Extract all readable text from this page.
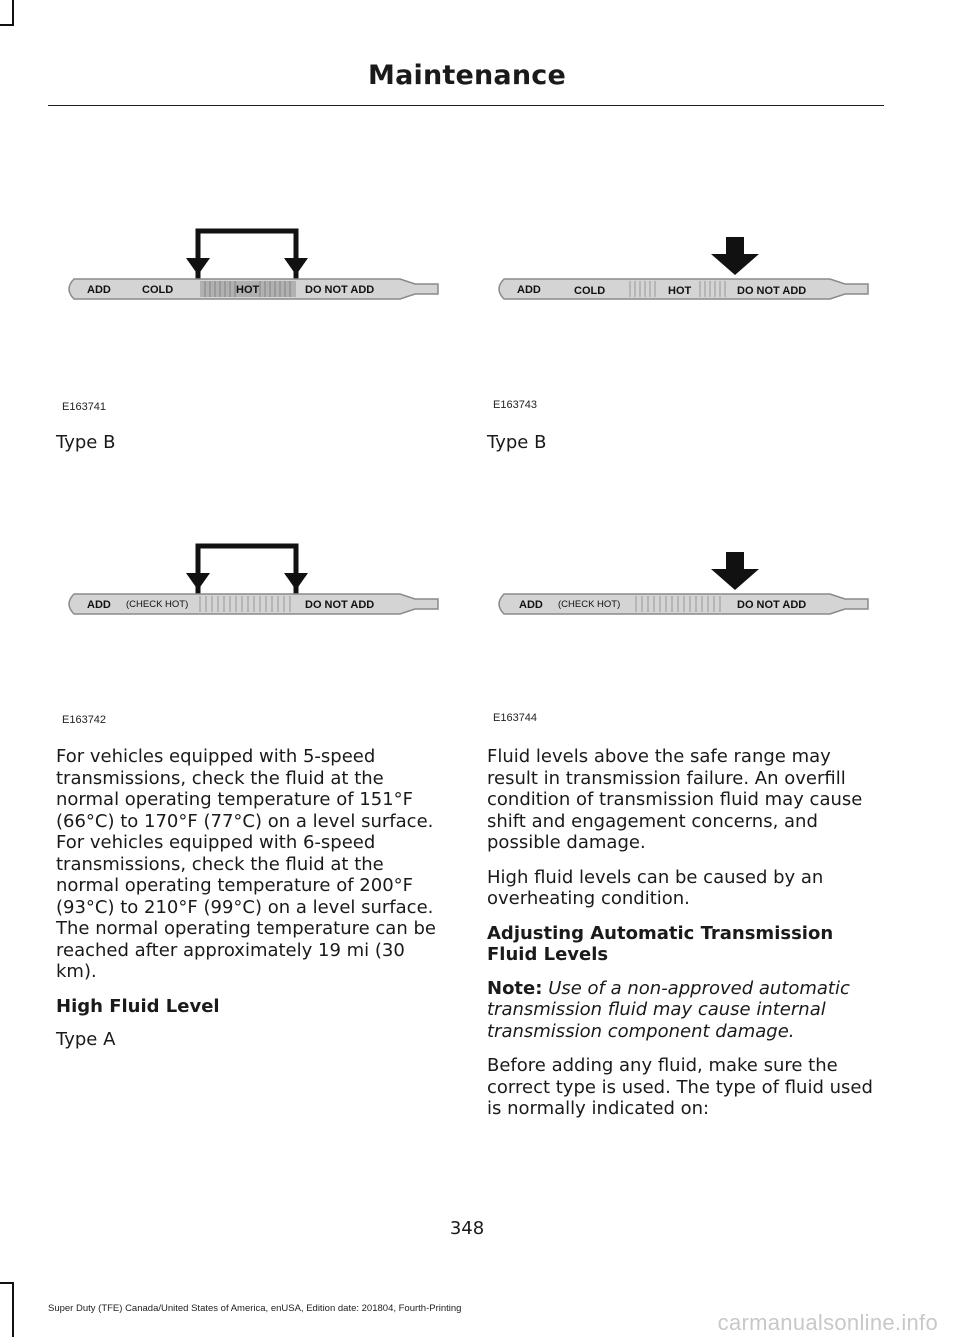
Maintenance
ADD	COLD	HOT	DO NOT ADD
E163741
ADD	COLD	HOT	DO NOT ADD
E163743
Type B	Type B
ADD (CHECK HOT)	DO NOT ADD
E163742
ADD (CHECK HOT)	DO NOT ADD
E163744

For vehicles equipped with 5-speed transmissions, check the fluid at the normal operating temperature of 151°F (66°C) to 170°F (77°C) on a level surface. For vehicles equipped with 6-speed transmissions, check the fluid at the normal operating temperature of 200°F (93°C) to 210°F (99°C) on a level surface. The normal operating temperature can be reached after approximately 19 mi (30 km).

High Fluid Level

Type A

Fluid levels above the safe range may result in transmission failure. An overfill condition of transmission fluid may cause shift and engagement concerns, and possible damage.

High fluid levels can be caused by an overheating condition.

Adjusting Automatic Transmission Fluid Levels

Note: Use of a non-approved automatic transmission fluid may cause internal transmission component damage.

Before adding any fluid, make sure the correct type is used. The type of fluid used is normally indicated on:

348
Super Duty (TFE) Canada/United States of America, enUSA, Edition date: 201804, Fourth-Printing
carmanualsonline.info
